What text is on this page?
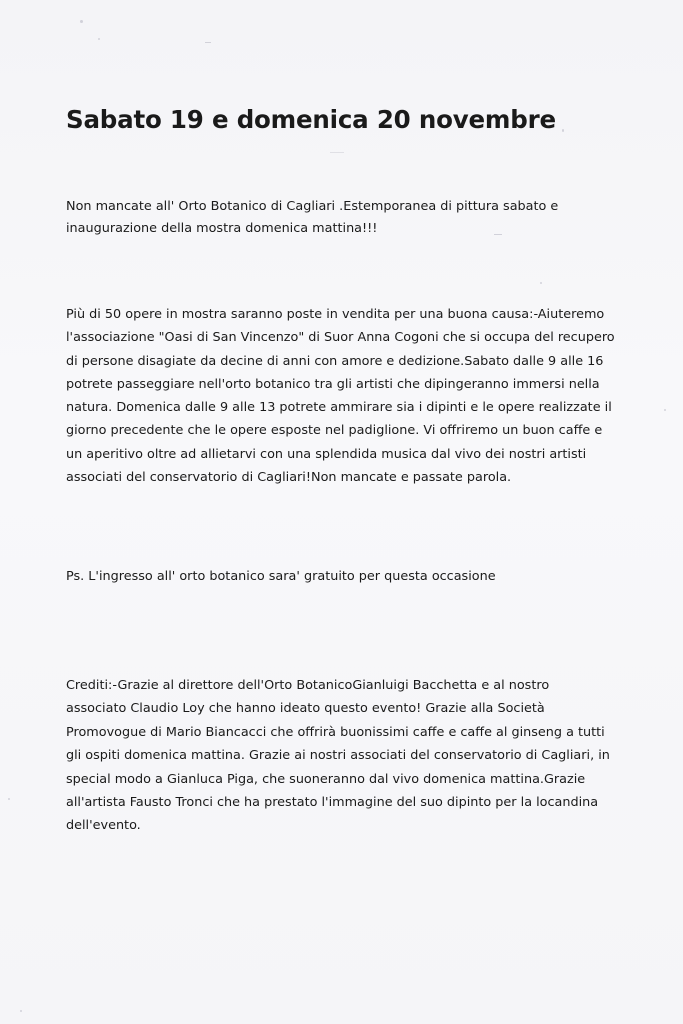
Sabato 19 e domenica 20 novembre
Non mancate all' Orto Botanico di Cagliari .Estemporanea di pittura sabato e
inaugurazione della mostra domenica mattina!!!
Più di 50 opere in mostra saranno poste in vendita per una buona causa:-Aiuteremo
l'associazione "Oasi di San Vincenzo" di Suor Anna Cogoni che si occupa del recupero
di persone disagiate da decine di anni con amore e dedizione.Sabato dalle 9 alle 16
potrete passeggiare nell'orto botanico tra gli artisti che dipingeranno immersi nella
natura. Domenica dalle 9 alle 13 potrete ammirare sia i dipinti e le opere realizzate il
giorno precedente che le opere esposte nel padiglione. Vi offriremo un buon caffe e
un aperitivo oltre ad allietarvi con una splendida musica dal vivo dei nostri artisti
associati del conservatorio di Cagliari!Non mancate e passate parola.
Ps. L'ingresso all' orto botanico sara' gratuito per questa occasione
Crediti:-Grazie al direttore dell'Orto BotanicoGianluigi Bacchetta e al nostro
associato Claudio Loy che hanno ideato questo evento! Grazie alla Società
Promovogue di Mario Biancacci che offrirà buonissimi caffe e caffe al ginseng a tutti
gli ospiti domenica mattina. Grazie ai nostri associati del conservatorio di Cagliari, in
special modo a Gianluca Piga, che suoneranno dal vivo domenica mattina.Grazie
all'artista Fausto Tronci che ha prestato l'immagine del suo dipinto per la locandina
dell'evento.
